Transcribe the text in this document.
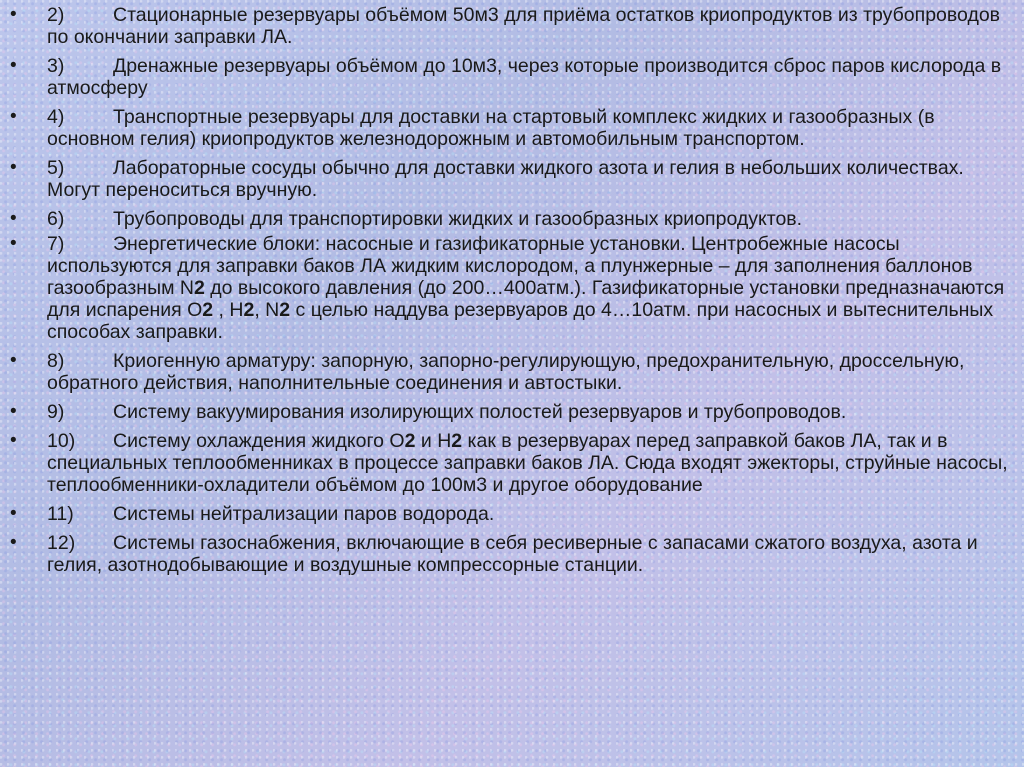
• 2) Стационарные резервуары объёмом 50м3 для приёма остатков криопродуктов из трубопроводов по окончании заправки ЛА.
• 3) Дренажные резервуары объёмом до 10м3, через которые производится сброс паров кислорода в атмосферу
• 4) Транспортные резервуары для доставки на стартовый комплекс жидких и газообразных (в основном гелия) криопродуктов железнодорожным и автомобильным транспортом.
• 5) Лабораторные сосуды обычно для доставки жидкого азота и гелия в небольших количествах. Могут переноситься вручную.
• 6) Трубопроводы для транспортировки жидких и газообразных криопродуктов.
• 7) Энергетические блоки: насосные и газификаторные установки. Центробежные насосы используются для заправки баков ЛА жидким кислородом, а плунжерные – для заполнения баллонов газообразным N2 до высокого давления (до 200…400атм.). Газификаторные установки предназначаются для испарения О2 , Н2, N2 с целью наддува резервуаров до 4…10атм. при насосных и вытеснительных способах заправки.
• 8) Криогенную арматуру: запорную, запорно-регулирующую, предохранительную, дроссельную, обратного действия, наполнительные соединения и автостыки.
• 9) Систему вакуумирования изолирующих полостей резервуаров и трубопроводов.
• 10) Систему охлаждения жидкого О2 и Н2 как в резервуарах перед заправкой баков ЛА, так и в специальных теплообменниках в процессе заправки баков ЛА. Сюда входят эжекторы, струйные насосы, теплообменники-охладители объёмом до 100м3 и другое оборудование
• 11) Системы нейтрализации паров водорода.
• 12) Системы газоснабжения, включающие в себя ресиверные с запасами сжатого воздуха, азота и гелия, азотнодобывающие и воздушные компрессорные станции.
